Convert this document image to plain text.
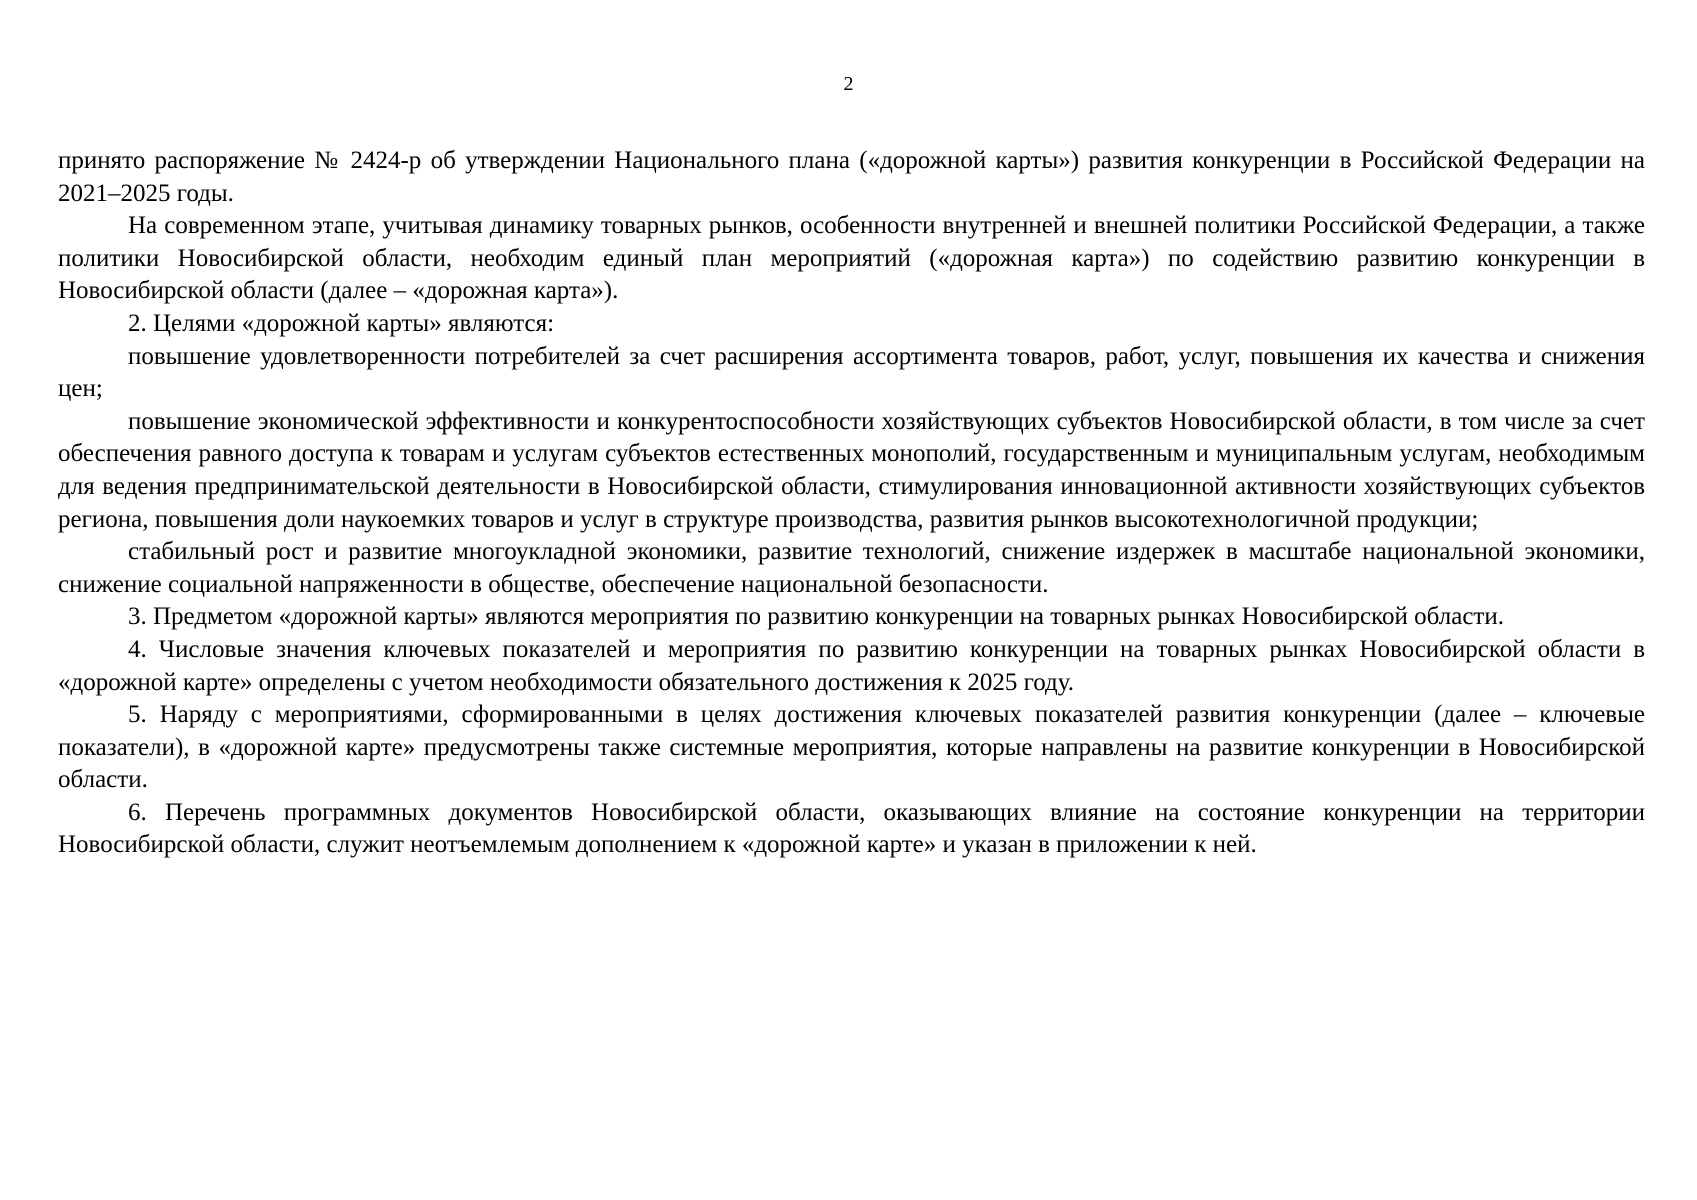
2

принято распоряжение № 2424-р об утверждении Национального плана («дорожной карты») развития конкуренции в Российской Федерации на 2021–2025 годы.

На современном этапе, учитывая динамику товарных рынков, особенности внутренней и внешней политики Российской Федерации, а также политики Новосибирской области, необходим единый план мероприятий («дорожная карта») по содействию развитию конкуренции в Новосибирской области (далее – «дорожная карта»).

2. Целями «дорожной карты» являются:

повышение удовлетворенности потребителей за счет расширения ассортимента товаров, работ, услуг, повышения их качества и снижения цен;

повышение экономической эффективности и конкурентоспособности хозяйствующих субъектов Новосибирской области, в том числе за счет обеспечения равного доступа к товарам и услугам субъектов естественных монополий, государственным и муниципальным услугам, необходимым для ведения предпринимательской деятельности в Новосибирской области, стимулирования инновационной активности хозяйствующих субъектов региона, повышения доли наукоемких товаров и услуг в структуре производства, развития рынков высокотехнологичной продукции;

стабильный рост и развитие многоукладной экономики, развитие технологий, снижение издержек в масштабе национальной экономики, снижение социальной напряженности в обществе, обеспечение национальной безопасности.

3. Предметом «дорожной карты» являются мероприятия по развитию конкуренции на товарных рынках Новосибирской области.

4. Числовые значения ключевых показателей и мероприятия по развитию конкуренции на товарных рынках Новосибирской области в «дорожной карте» определены с учетом необходимости обязательного достижения к 2025 году.

5. Наряду с мероприятиями, сформированными в целях достижения ключевых показателей развития конкуренции (далее – ключевые показатели), в «дорожной карте» предусмотрены также системные мероприятия, которые направлены на развитие конкуренции в Новосибирской области.

6. Перечень программных документов Новосибирской области, оказывающих влияние на состояние конкуренции на территории Новосибирской области, служит неотъемлемым дополнением к «дорожной карте» и указан в приложении к ней.
